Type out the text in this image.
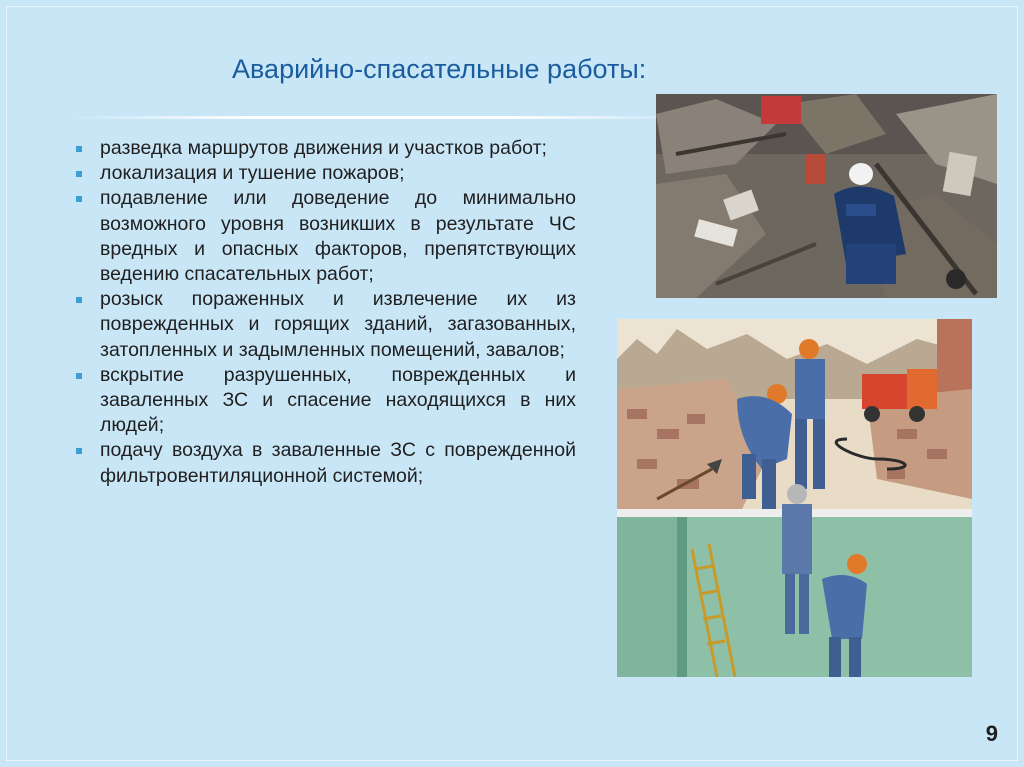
Аварийно-спасательные работы:
разведка маршрутов движения и участков работ;
локализация и тушение пожаров;
подавление или доведение до минимально возможного уровня возникших в результате ЧС вредных и опасных факторов, препятствующих ведению спасательных работ;
розыск пораженных и извлечение их из поврежденных и горящих зданий, загазованных, затопленных и задымленных помещений, завалов;
вскрытие разрушенных, поврежденных и заваленных ЗС и спасение находящихся в них людей;
подачу воздуха в заваленные ЗС с поврежденной фильтровентиляционной системой;
9
